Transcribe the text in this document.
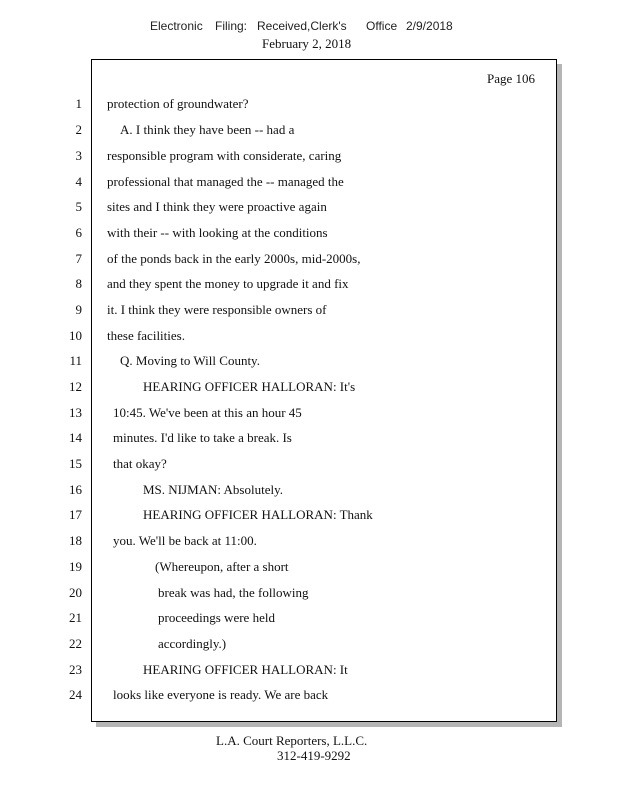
Electronic Filing: Received,Clerk's Office 2/9/2018
February 2, 2018
Page 106
1 protection of groundwater?
2	A. I think they have been -- had a
3 responsible program with considerate, caring
4 professional that managed the -- managed the
5 sites and I think they were proactive again
6 with their -- with looking at the conditions
7 of the ponds back in the early 2000s, mid-2000s,
8 and they spent the money to upgrade it and fix
9 it. I think they were responsible owners of
10 these facilities.
11	Q. Moving to Will County.
12	HEARING OFFICER HALLORAN: It's
13 10:45. We've been at this an hour 45
14 minutes. I'd like to take a break. Is
15 that okay?
16	MS. NIJMAN: Absolutely.
17	HEARING OFFICER HALLORAN: Thank
18 you. We'll be back at 11:00.
19	(Whereupon, after a short
20	break was had, the following
21	proceedings were held
22	accordingly.)
23	HEARING OFFICER HALLORAN: It
24 looks like everyone is ready. We are back
L.A. Court Reporters, L.L.C.
312-419-9292
